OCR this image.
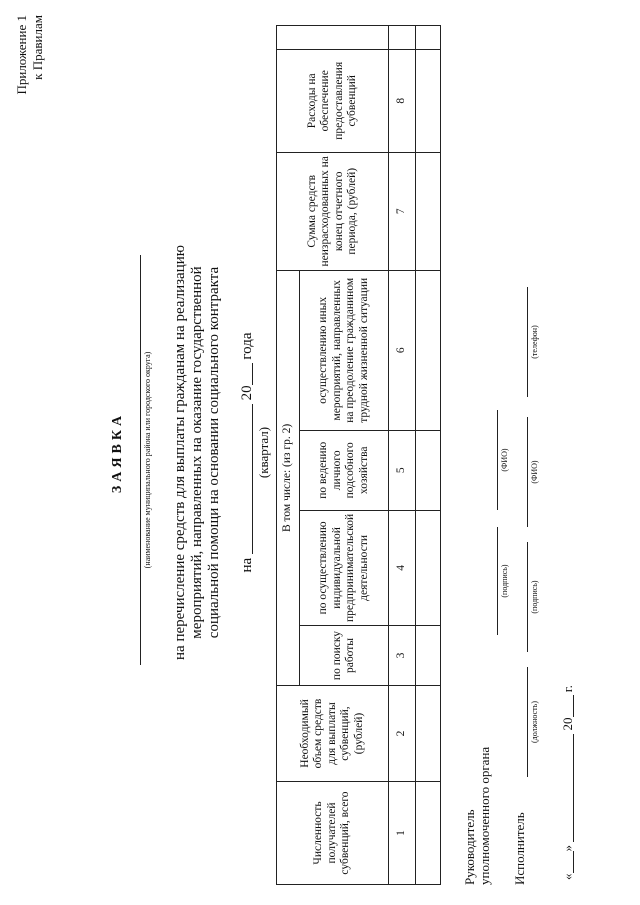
Приложение 1 к Правилам
ЗАЯВКА (наименование муниципального района или городского округа) на перечисление средств для выплаты гражданам на реализацию мероприятий, направленных на оказание государственной социальной помощи на основании социального контракта на  20 года
(квартал)
Численность получателей субвенций, всего	Необходимый объем средств для выплаты субвенций, (рублей)	В том числе: (из гр. 2)				Сумма средств неизрасходованных на конец отчетного периода, (рублей)	Расходы на обеспечение предоставления субвенций	
		по поиску работы	по осуществлению индивидуальной предпринимательской деятельности	по ведению личного подсобного хозяйства	осуществлению иных мероприятий, направленных на преодоление гражданином трудной жизненной ситуации			
1	2	3	4	5	6	7	8	

Руководитель уполномоченного органа
(подпись)
(ФИО)
Исполнитель
(должность)
(подпись)
(ФИО)
(телефон)
«»  20 г.
